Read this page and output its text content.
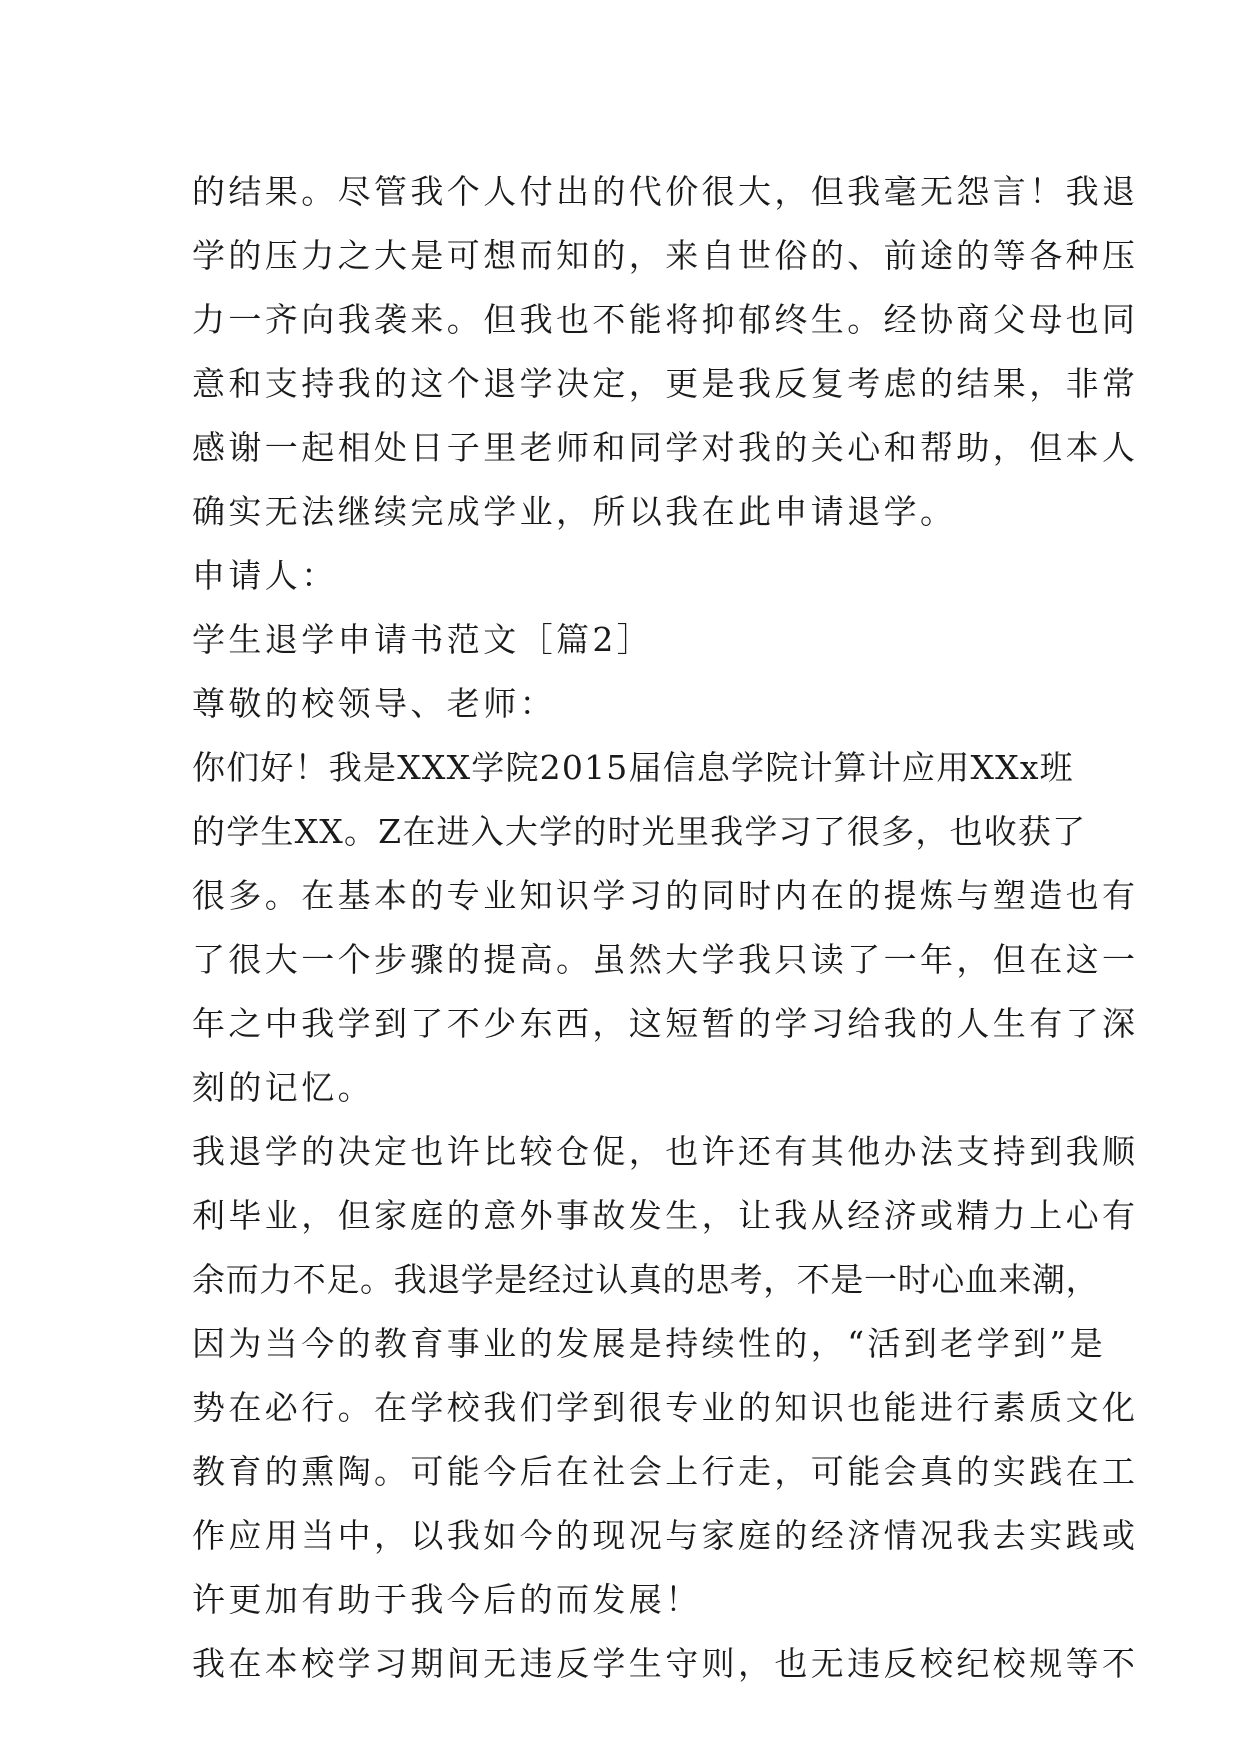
的结果。尽管我个人付出的代价很大，但我毫无怨言！我退
学的压力之大是可想而知的，来自世俗的、前途的等各种压
力一齐向我袭来。但我也不能将抑郁终生。经协商父母也同
意和支持我的这个退学决定，更是我反复考虑的结果，非常
感谢一起相处日子里老师和同学对我的关心和帮助，但本人
确实无法继续完成学业，所以我在此申请退学。
申请人：
学生退学申请书范文［篇2］
尊敬的校领导、老师：
你们好！我是XXX学院2015届信息学院计算计应用XXx班
的学生XX。Z在进入大学的时光里我学习了很多，也收获了
很多。在基本的专业知识学习的同时内在的提炼与塑造也有
了很大一个步骤的提高。虽然大学我只读了一年，但在这一
年之中我学到了不少东西，这短暂的学习给我的人生有了深
刻的记忆。
我退学的决定也许比较仓促，也许还有其他办法支持到我顺
利毕业，但家庭的意外事故发生，让我从经济或精力上心有
余而力不足。我退学是经过认真的思考，不是一时心血来潮，
因为当今的教育事业的发展是持续性的，“活到老学到”是
势在必行。在学校我们学到很专业的知识也能进行素质文化
教育的熏陶。可能今后在社会上行走，可能会真的实践在工
作应用当中，以我如今的现况与家庭的经济情况我去实践或
许更加有助于我今后的而发展！
我在本校学习期间无违反学生守则，也无违反校纪校规等不
